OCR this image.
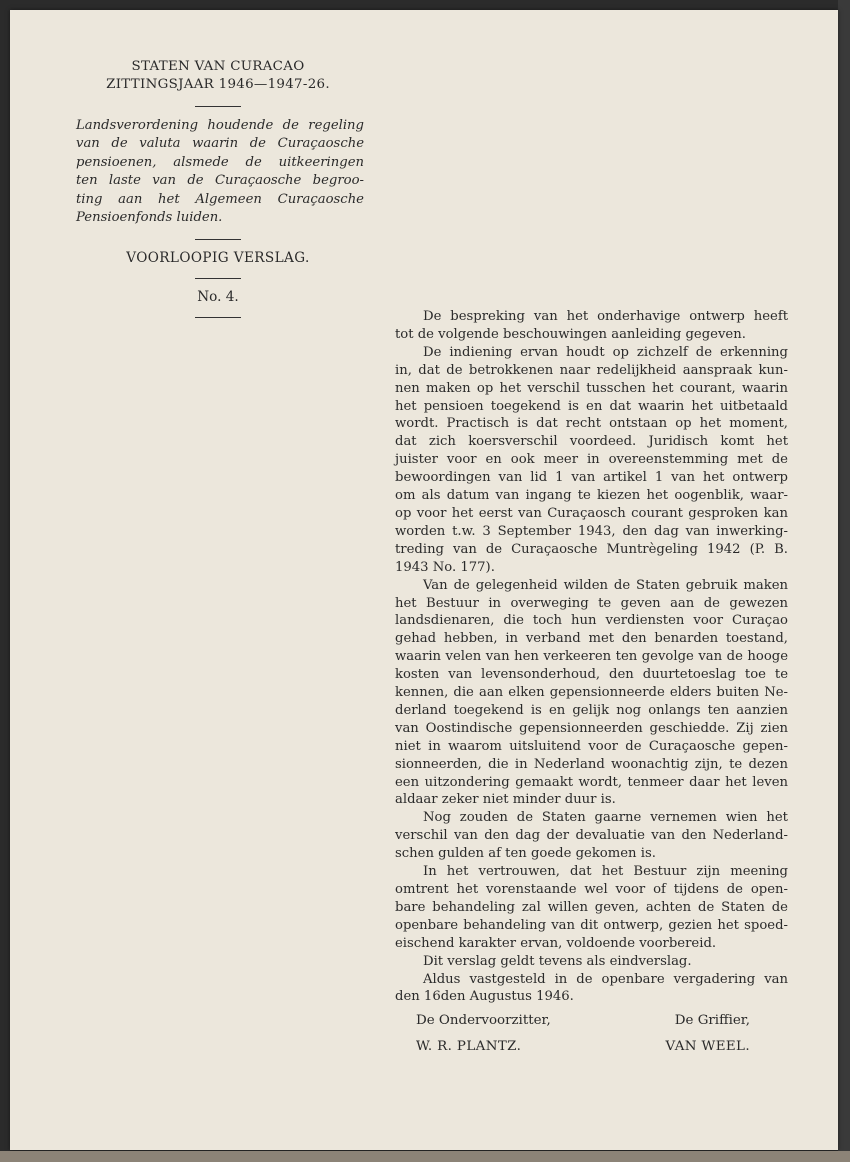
STATEN VAN CURACAO
ZITTINGSJAAR 1946—1947-26.
Landsverordening houdende de regeling
van de valuta waarin de Curaçaosche
pensioenen, alsmede de uitkeeringen
ten laste van de Curaçaosche begroo-
ting aan het Algemeen Curaçaosche
Pensioenfonds luiden.
VOORLOOPIG VERSLAG.
No. 4.
De bespreking van het onderhavige ontwerp heeft
tot de volgende beschouwingen aanleiding gegeven.
De indiening ervan houdt op zichzelf de erkenning
in, dat de betrokkenen naar redelijkheid aanspraak kun-
nen maken op het verschil tusschen het courant, waarin
het pensioen toegekend is en dat waarin het uitbetaald
wordt. Practisch is dat recht ontstaan op het moment,
dat zich koersverschil voordeed. Juridisch komt het
juister voor en ook meer in overeenstemming met de
bewoordingen van lid 1 van artikel 1 van het ontwerp
om als datum van ingang te kiezen het oogenblik, waar-
op voor het eerst van Curaçaosch courant gesproken kan
worden t.w. 3 September 1943, den dag van inwerking-
treding van de Curaçaosche Muntrègeling 1942 (P. B.
1943 No. 177).
Van de gelegenheid wilden de Staten gebruik maken
het Bestuur in overweging te geven aan de gewezen
landsdienaren, die toch hun verdiensten voor Curaçao
gehad hebben, in verband met den benarden toestand,
waarin velen van hen verkeeren ten gevolge van de hooge
kosten van levensonderhoud, den duurtetoeslag toe te
kennen, die aan elken gepensionneerde elders buiten Ne-
derland toegekend is en gelijk nog onlangs ten aanzien
van Oostindische gepensionneerden geschiedde. Zij zien
niet in waarom uitsluitend voor de Curaçaosche gepen-
sionneerden, die in Nederland woonachtig zijn, te dezen
een uitzondering gemaakt wordt, tenmeer daar het leven
aldaar zeker niet minder duur is.
Nog zouden de Staten gaarne vernemen wien het
verschil van den dag der devaluatie van den Nederland-
schen gulden af ten goede gekomen is.
In het vertrouwen, dat het Bestuur zijn meening
omtrent het vorenstaande wel voor of tijdens de open-
bare behandeling zal willen geven, achten de Staten de
openbare behandeling van dit ontwerp, gezien het spoed-
eischend karakter ervan, voldoende voorbereid.
Dit verslag geldt tevens als eindverslag.
Aldus vastgesteld in de openbare vergadering van
den 16den Augustus 1946.
De Ondervoorzitter,	De Griffier,
W. R. PLANTZ.	VAN WEEL.
